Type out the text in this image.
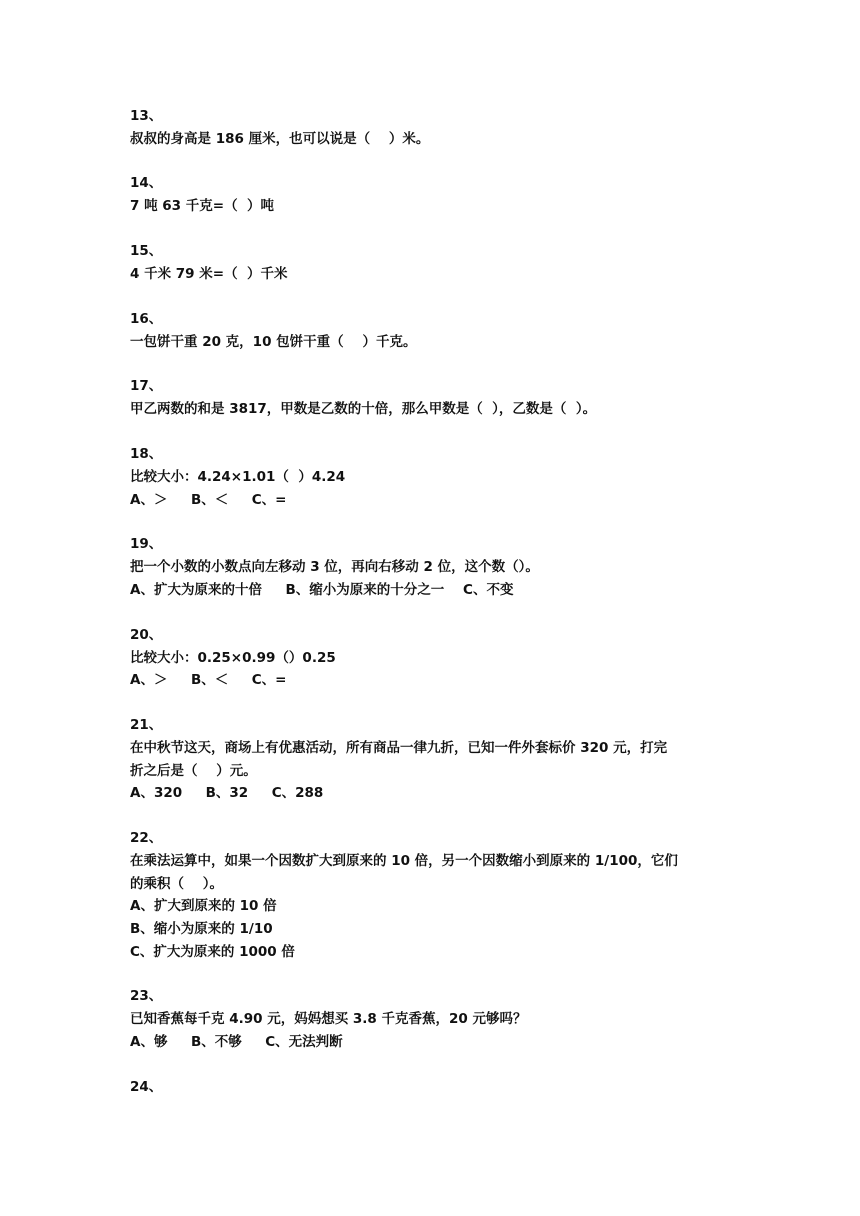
13、
叔叔的身高是 186 厘米，也可以说是（    ）米。
14、
7 吨 63 千克=（  ）吨
15、
4 千米 79 米=（  ）千米
16、
一包饼干重 20 克，10 包饼干重（    ）千克。
17、
甲乙两数的和是 3817，甲数是乙数的十倍，那么甲数是（  ），乙数是（  ）。
18、
比较大小：4.24×1.01（  ）4.24
A、＞     B、＜     C、=
19、
把一个小数的小数点向左移动 3 位，再向右移动 2 位，这个数（）。
A、扩大为原来的十倍     B、缩小为原来的十分之一    C、不变
20、
比较大小：0.25×0.99（）0.25
A、＞     B、＜     C、=
21、
在中秋节这天，商场上有优惠活动，所有商品一律九折，已知一件外套标价 320 元，打完
折之后是（    ）元。
A、320     B、32     C、288
22、
在乘法运算中，如果一个因数扩大到原来的 10 倍，另一个因数缩小到原来的 1/100，它们
的乘积（    ）。
A、扩大到原来的 10 倍
B、缩小为原来的 1/10
C、扩大为原来的 1000 倍
23、
已知香蕉每千克 4.90 元，妈妈想买 3.8 千克香蕉，20 元够吗？
A、够     B、不够     C、无法判断
24、
